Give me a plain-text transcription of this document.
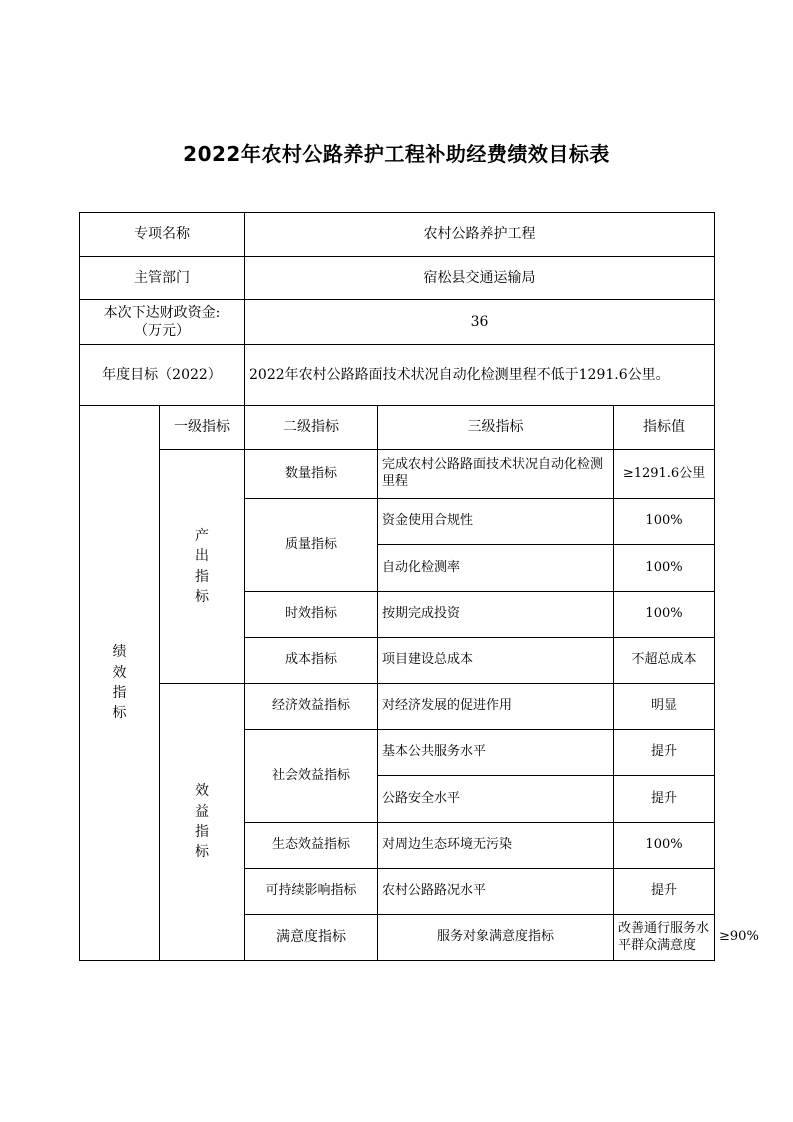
2022年农村公路养护工程补助经费绩效目标表
专项名称		农村公路养护工程			
主管部门		宿松县交通运输局			

本次下达财政资金:
（万元）		36			
年度目标（2022）		2022年农村公路路面技术状况自动化检测里程不低于1291.6公里。			
绩效指标	一级指标	二级指标	三级指标	指标值	
	产出指标	数量指标	完成农村公路路面技术状况自动化检测里程	≥1291.6公里	
		质量指标	资金使用合规性	100%	
			自动化检测率	100%	
		时效指标	按期完成投资	100%	
		成本指标	项目建设总成本	不超总成本	
	效益指标	经济效益指标	对经济发展的促进作用	明显	
		社会效益指标	基本公共服务水平	提升	
			公路安全水平	提升	
		生态效益指标	对周边生态环境无污染	100%	
		可持续影响指标	农村公路路况水平	提升	
		满意度指标	服务对象满意度指标	改善通行服务水平群众满意度	≥90%
